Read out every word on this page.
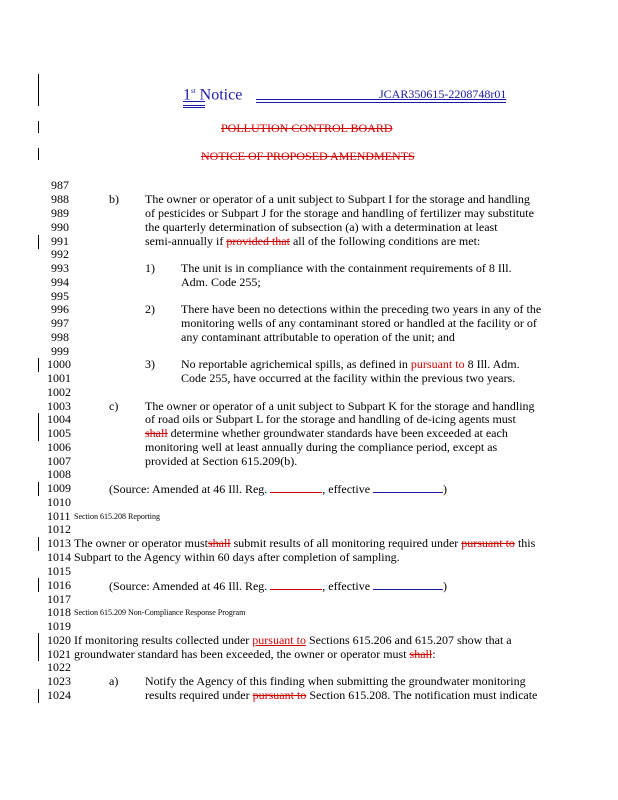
1st Notice	JCAR350615-2208748r01
POLLUTION CONTROL BOARD
NOTICE OF PROPOSED AMENDMENTS
987
988
989
990
991
992
993
994
995
996
997
998
999
1000
1001
1002
1003
1004
1005
1006
1007
1008
1009
1010
1011
1012
1013
1014
1015
1016
1017
1018
1019
1020
1021
1022
1023
1024
b) The owner or operator of a unit subject to Subpart I for the storage and handling
of pesticides or Subpart J for the storage and handling of fertilizer may substitute
the quarterly determination of subsection (a) with a determination at least
semi-annually if provided that all of the following conditions are met:
1) The unit is in compliance with the containment requirements of 8 Ill.
Adm. Code 255;
2) There have been no detections within the preceding two years in any of the
monitoring wells of any contaminant stored or handled at the facility or of
any contaminant attributable to operation of the unit; and
3) No reportable agrichemical spills, as defined in pursuant to 8 Ill. Adm.
Code 255, have occurred at the facility within the previous two years.
c) The owner or operator of a unit subject to Subpart K for the storage and handling
of road oils or Subpart L for the storage and handling of de-icing agents must
shall determine whether groundwater standards have been exceeded at each
monitoring well at least annually during the compliance period, except as
provided at Section 615.209(b).
(Source: Amended at 46 Ill. Reg.	, effective	)
Section 615.208 Reporting
The owner or operator mustshall submit results of all monitoring required under pursuant to this
Subpart to the Agency within 60 days after completion of sampling.
(Source: Amended at 46 Ill. Reg.	, effective	)
Section 615.209 Non-Compliance Response Program
If monitoring results collected under pursuant to Sections 615.206 and 615.207 show that a
groundwater standard has been exceeded, the owner or operator must shall:
a) Notify the Agency of this finding when submitting the groundwater monitoring
results required under pursuant to Section 615.208. The notification must indicate
